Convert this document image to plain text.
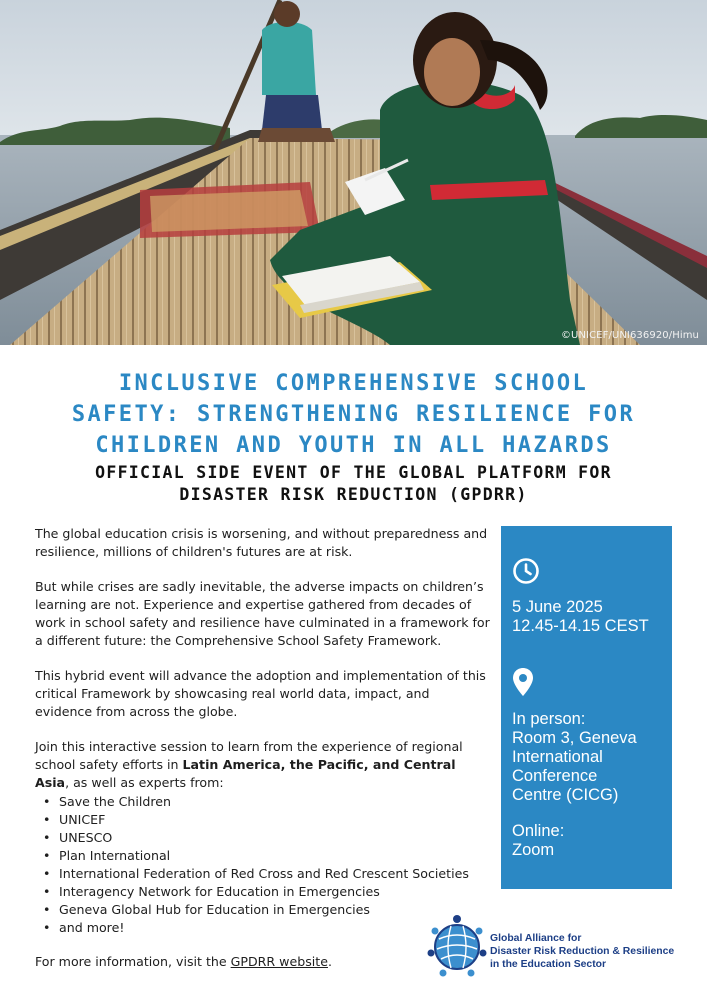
©UNICEF/UNI636920/Himu
INCLUSIVE COMPREHENSIVE SCHOOL
SAFETY: STRENGTHENING RESILIENCE FOR
CHILDREN AND YOUTH IN ALL HAZARDS
OFFICIAL SIDE EVENT OF THE GLOBAL PLATFORM FOR
DISASTER RISK REDUCTION (GPDRR)

The global education crisis is worsening, and without preparedness and resilience, millions of children's futures are at risk.

But while crises are sadly inevitable, the adverse impacts on children’s learning are not. Experience and expertise gathered from decades of work in school safety and resilience have culminated in a framework for a different future: the Comprehensive School Safety Framework.

This hybrid event will advance the adoption and implementation of this critical Framework by showcasing real world data, impact, and evidence from across the globe.

Join this interactive session to learn from the experience of regional school safety efforts in Latin America, the Pacific, and Central Asia, as well as experts from:

• Save the Children
• UNICEF
• UNESCO
• Plan International
• International Federation of Red Cross and Red Crescent Societies
• Interagency Network for Education in Emergencies
• Geneva Global Hub for Education in Emergencies
• and more!
For more information, visit the GPDRR website.
5 June 2025
12.45-14.15 CEST
In person:
Room 3, Geneva
International
Conference
Centre (CICG)
Online:
Zoom
Global Alliance for
Disaster Risk Reduction & Resilience
in the Education Sector
